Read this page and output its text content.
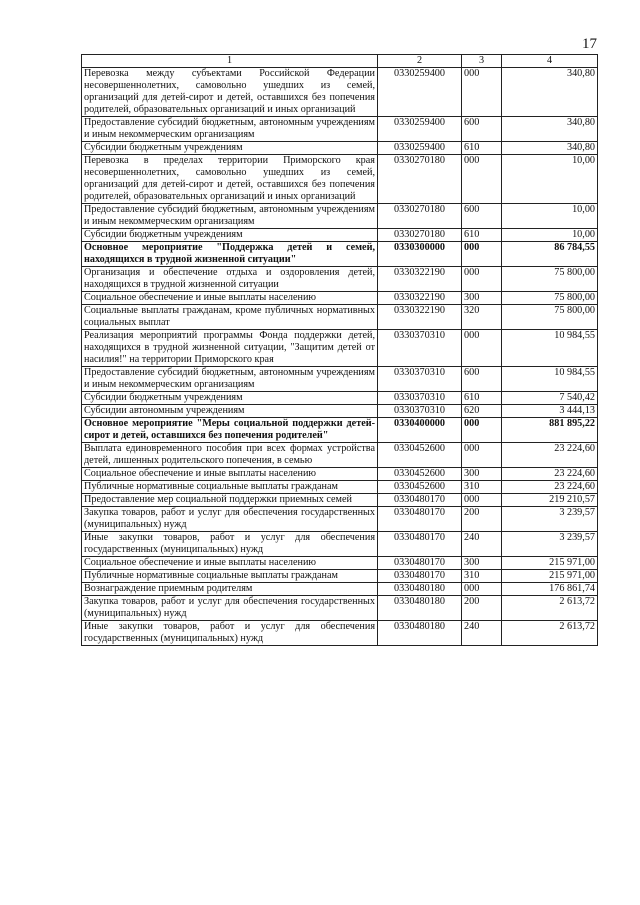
17
1	2	3	4
Перевозка между субъектами Российской Федерации несовершеннолетних, самовольно ушедших из семей, организаций для детей-сирот и детей, оставшихся без попечения родителей, образовательных организаций и иных организаций	0330259400	000	340,80
Предоставление субсидий бюджетным, автономным учреждениям и иным некоммерческим организациям	0330259400	600	340,80
Субсидии бюджетным учреждениям	0330259400	610	340,80
Перевозка в пределах территории Приморского края несовершеннолетних, самовольно ушедших из семей, организаций для детей-сирот и детей, оставшихся без попечения родителей, образовательных организаций и иных организаций	0330270180	000	10,00
Предоставление субсидий бюджетным, автономным учреждениям и иным некоммерческим организациям	0330270180	600	10,00
Субсидии бюджетным учреждениям	0330270180	610	10,00
Основное мероприятие "Поддержка детей и семей, находящихся в трудной жизненной ситуации"	0330300000	000	86 784,55
Организация и обеспечение отдыха и оздоровления детей, находящихся в трудной жизненной ситуации	0330322190	000	75 800,00
Социальное обеспечение и иные выплаты населению	0330322190	300	75 800,00
Социальные выплаты гражданам, кроме публичных нормативных социальных выплат	0330322190	320	75 800,00
Реализация мероприятий программы Фонда поддержки детей, находящихся в трудной жизненной ситуации, "Защитим детей от насилия!" на территории Приморского края	0330370310	000	10 984,55
Предоставление субсидий бюджетным, автономным учреждениям и иным некоммерческим организациям	0330370310	600	10 984,55
Субсидии бюджетным учреждениям	0330370310	610	7 540,42
Субсидии автономным учреждениям	0330370310	620	3 444,13
Основное мероприятие "Меры социальной поддержки детей-сирот и детей, оставшихся без попечения родителей"	0330400000	000	881 895,22
Выплата единовременного пособия при всех формах устройства детей, лишенных родительского попечения, в семью	0330452600	000	23 224,60
Социальное обеспечение и иные выплаты населению	0330452600	300	23 224,60
Публичные нормативные социальные выплаты гражданам	0330452600	310	23 224,60
Предоставление мер социальной поддержки приемных семей	0330480170	000	219 210,57
Закупка товаров, работ и услуг для обеспечения государственных (муниципальных) нужд	0330480170	200	3 239,57
Иные закупки товаров, работ и услуг для обеспечения государственных (муниципальных) нужд	0330480170	240	3 239,57
Социальное обеспечение и иные выплаты населению	0330480170	300	215 971,00
Публичные нормативные социальные выплаты гражданам	0330480170	310	215 971,00
Вознаграждение приемным родителям	0330480180	000	176 861,74
Закупка товаров, работ и услуг для обеспечения государственных (муниципальных) нужд	0330480180	200	2 613,72
Иные закупки товаров, работ и услуг для обеспечения государственных (муниципальных) нужд	0330480180	240	2 613,72
